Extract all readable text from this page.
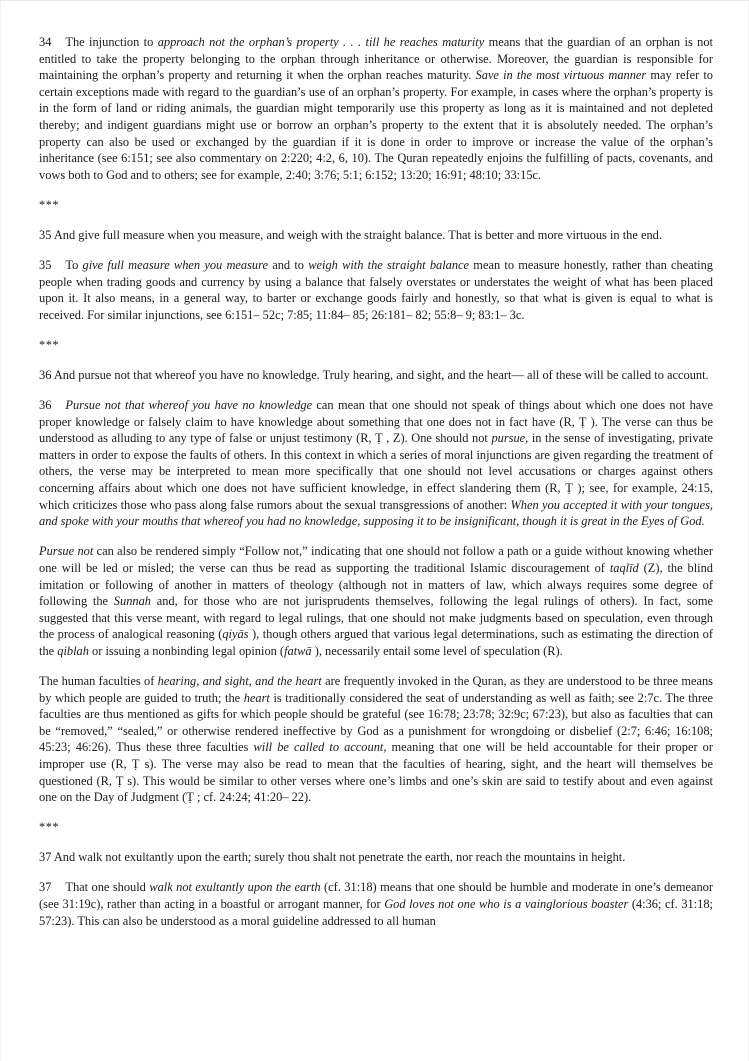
34 The injunction to approach not the orphan’s property . . . till he reaches maturity means that the guardian of an orphan is not entitled to take the property belonging to the orphan through inheritance or otherwise. Moreover, the guardian is responsible for maintaining the orphan’s property and returning it when the orphan reaches maturity. Save in the most virtuous manner may refer to certain exceptions made with regard to the guardian’s use of an orphan’s property. For example, in cases where the orphan’s property is in the form of land or riding animals, the guardian might temporarily use this property as long as it is maintained and not depleted thereby; and indigent guardians might use or borrow an orphan’s property to the extent that it is absolutely needed. The orphan’s property can also be used or exchanged by the guardian if it is done in order to improve or increase the value of the orphan’s inheritance (see 6:151; see also commentary on 2:220; 4:2, 6, 10). The Quran repeatedly enjoins the fulfilling of pacts, covenants, and vows both to God and to others; see for example, 2:40; 3:76; 5:1; 6:152; 13:20; 16:91; 48:10; 33:15c.

***

35 And give full measure when you measure, and weigh with the straight balance. That is better and more virtuous in the end.

35 To give full measure when you measure and to weigh with the straight balance mean to measure honestly, rather than cheating people when trading goods and currency by using a balance that falsely overstates or understates the weight of what has been placed upon it. It also means, in a general way, to barter or exchange goods fairly and honestly, so that what is given is equal to what is received. For similar injunctions, see 6:151– 52c; 7:85; 11:84– 85; 26:181– 82; 55:8– 9; 83:1– 3c.

***

36 And pursue not that whereof you have no knowledge. Truly hearing, and sight, and the heart— all of these will be called to account.

36 Pursue not that whereof you have no knowledge can mean that one should not speak of things about which one does not have proper knowledge or falsely claim to have knowledge about something that one does not in fact have (R, Ṭ ). The verse can thus be understood as alluding to any type of false or unjust testimony (R, Ṭ , Z). One should not pursue, in the sense of investigating, private matters in order to expose the faults of others. In this context in which a series of moral injunctions are given regarding the treatment of others, the verse may be interpreted to mean more specifically that one should not level accusations or charges against others concerning affairs about which one does not have sufficient knowledge, in effect slandering them (R, Ṭ ); see, for example, 24:15, which criticizes those who pass along false rumors about the sexual transgressions of another: When you accepted it with your tongues, and spoke with your mouths that whereof you had no knowledge, supposing it to be insignificant, though it is great in the Eyes of God.

Pursue not can also be rendered simply “Follow not,” indicating that one should not follow a path or a guide without knowing whether one will be led or misled; the verse can thus be read as supporting the traditional Islamic discouragement of taqlīd (Z), the blind imitation or following of another in matters of theology (although not in matters of law, which always requires some degree of following the Sunnah and, for those who are not jurisprudents themselves, following the legal rulings of others). In fact, some suggested that this verse meant, with regard to legal rulings, that one should not make judgments based on speculation, even through the process of analogical reasoning (qiyās ), though others argued that various legal determinations, such as estimating the direction of the qiblah or issuing a nonbinding legal opinion (fatwā ), necessarily entail some level of speculation (R).

The human faculties of hearing, and sight, and the heart are frequently invoked in the Quran, as they are understood to be three means by which people are guided to truth; the heart is traditionally considered the seat of understanding as well as faith; see 2:7c. The three faculties are thus mentioned as gifts for which people should be grateful (see 16:78; 23:78; 32:9c; 67:23), but also as faculties that can be “removed,” “sealed,” or otherwise rendered ineffective by God as a punishment for wrongdoing or disbelief (2:7; 6:46; 16:108; 45:23; 46:26). Thus these three faculties will be called to account, meaning that one will be held accountable for their proper or improper use (R, Ṭ s). The verse may also be read to mean that the faculties of hearing, sight, and the heart will themselves be questioned (R, Ṭ s). This would be similar to other verses where one’s limbs and one’s skin are said to testify about and even against one on the Day of Judgment (Ṭ ; cf. 24:24; 41:20– 22).

***

37 And walk not exultantly upon the earth; surely thou shalt not penetrate the earth, nor reach the mountains in height.

37 That one should walk not exultantly upon the earth (cf. 31:18) means that one should be humble and moderate in one’s demeanor (see 31:19c), rather than acting in a boastful or arrogant manner, for God loves not one who is a vainglorious boaster (4:36; cf. 31:18; 57:23). This can also be understood as a moral guideline addressed to all human
